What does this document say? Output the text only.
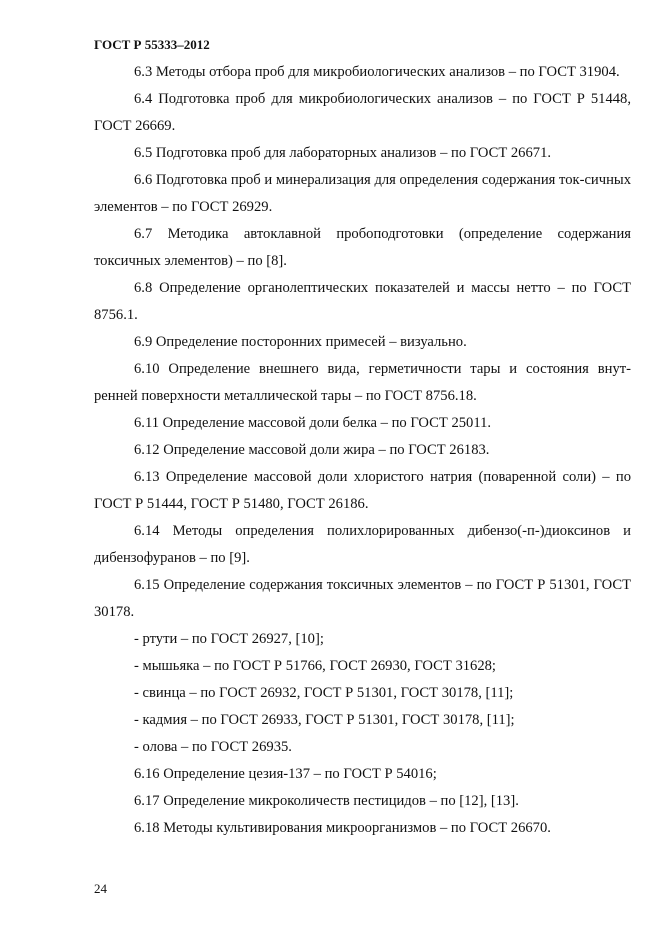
ГОСТ Р 55333–2012

6.3 Методы отбора проб для микробиологических анализов – по ГОСТ 31904.

6.4 Подготовка проб для микробиологических анализов – по ГОСТ Р 51448, ГОСТ 26669.

6.5 Подготовка проб для лабораторных анализов – по ГОСТ 26671.

6.6 Подготовка проб и минерализация для определения содержания ток-сичных элементов – по ГОСТ 26929.

6.7 Методика автоклавной пробоподготовки (определение содержания токсичных элементов) – по [8].

6.8 Определение органолептических показателей и массы нетто – по ГОСТ 8756.1.

6.9 Определение посторонних примесей – визуально.

6.10 Определение внешнего вида, герметичности тары и состояния внут-ренней поверхности металлической тары – по ГОСТ 8756.18.

6.11 Определение массовой доли белка – по ГОСТ 25011.

6.12 Определение массовой доли жира – по ГОСТ 26183.

6.13 Определение массовой доли хлористого натрия (поваренной соли) – по ГОСТ Р 51444, ГОСТ Р 51480, ГОСТ 26186.

6.14 Методы определения полихлорированных дибензо(-п-)диоксинов и дибензофуранов – по [9].

6.15 Определение содержания токсичных элементов – по ГОСТ Р 51301, ГОСТ 30178.

- ртути – по ГОСТ 26927, [10];

- мышьяка – по ГОСТ Р 51766, ГОСТ 26930, ГОСТ 31628;

- свинца – по ГОСТ 26932, ГОСТ Р 51301, ГОСТ 30178, [11];

- кадмия – по ГОСТ 26933, ГОСТ Р 51301, ГОСТ 30178, [11];

- олова – по ГОСТ 26935.

6.16 Определение цезия-137 – по ГОСТ Р 54016;

6.17 Определение микроколичеств пестицидов – по [12], [13].

6.18 Методы культивирования микроорганизмов – по ГОСТ 26670.

24
